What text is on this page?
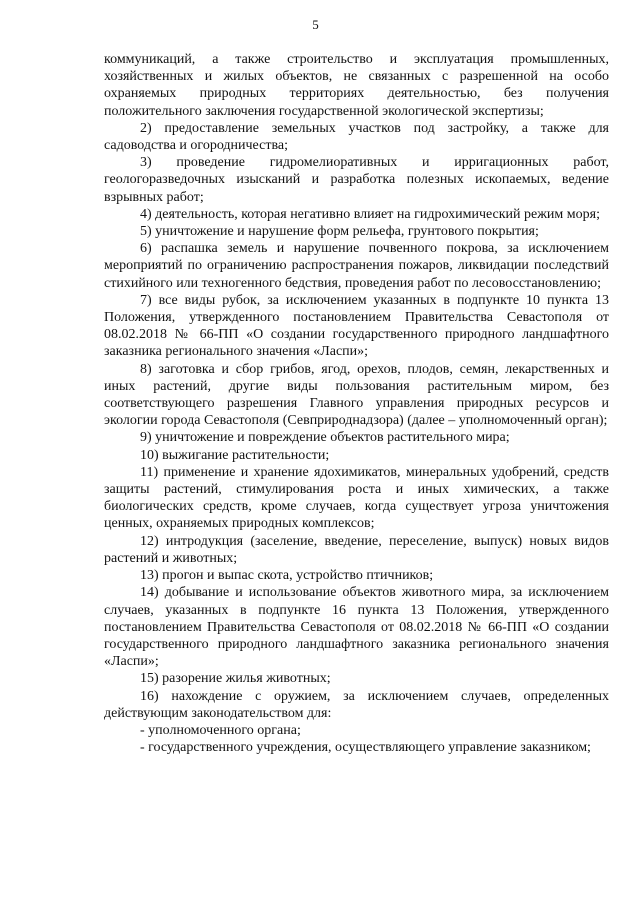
5

коммуникаций, а также строительство и эксплуатация промышленных, хозяйственных и жилых объектов, не связанных с разрешенной на особо охраняемых природных территориях деятельностью, без получения положительного заключения государственной экологической экспертизы;

2) предоставление земельных участков под застройку, а также для садоводства и огородничества;

3) проведение гидромелиоративных и ирригационных работ, геологоразведочных изысканий и разработка полезных ископаемых, ведение взрывных работ;

4) деятельность, которая негативно влияет на гидрохимический режим моря;

5) уничтожение и нарушение форм рельефа, грунтового покрытия;

6) распашка земель и нарушение почвенного покрова, за исключением мероприятий по ограничению распространения пожаров, ликвидации последствий стихийного или техногенного бедствия, проведения работ по лесовосстановлению;

7) все виды рубок, за исключением указанных в подпункте 10 пункта 13 Положения, утвержденного постановлением Правительства Севастополя от 08.02.2018 № 66-ПП «О создании государственного природного ландшафтного заказника регионального значения «Ласпи»;

8) заготовка и сбор грибов, ягод, орехов, плодов, семян, лекарственных и иных растений, другие виды пользования растительным миром, без соответствующего разрешения Главного управления природных ресурсов и экологии города Севастополя (Севприроднадзора) (далее – уполномоченный орган);

9) уничтожение и повреждение объектов растительного мира;

10) выжигание растительности;

11) применение и хранение ядохимикатов, минеральных удобрений, средств защиты растений, стимулирования роста и иных химических, а также биологических средств, кроме случаев, когда существует угроза уничтожения ценных, охраняемых природных комплексов;

12) интродукция (заселение, введение, переселение, выпуск) новых видов растений и животных;

13) прогон и выпас скота, устройство птичников;

14) добывание и использование объектов животного мира, за исключением случаев, указанных в подпункте 16 пункта 13 Положения, утвержденного постановлением Правительства Севастополя от 08.02.2018 № 66-ПП «О создании государственного природного ландшафтного заказника регионального значения «Ласпи»;

15) разорение жилья животных;

16) нахождение с оружием, за исключением случаев, определенных действующим законодательством для:

- уполномоченного органа;

- государственного учреждения, осуществляющего управление заказником;
